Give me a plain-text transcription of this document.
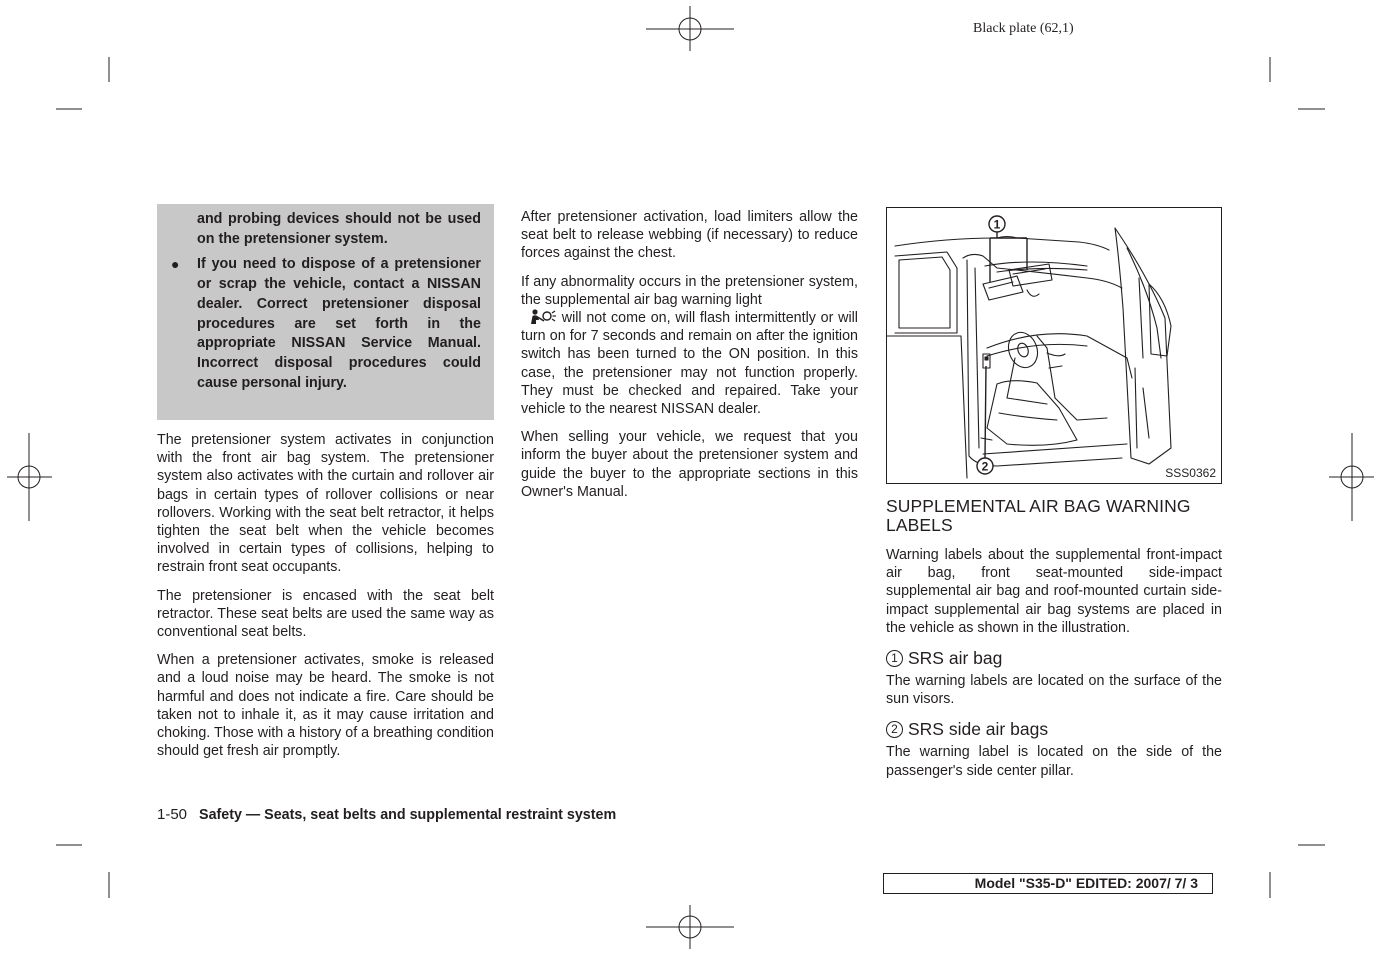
Black plate (62,1)
and probing devices should not be used on the pretensioner system.
●	If you need to dispose of a pretensioner or scrap the vehicle, contact a NISSAN dealer. Correct pretensioner disposal procedures are set forth in the appropriate NISSAN Service Manual. Incorrect disposal procedures could cause personal injury.

The pretensioner system activates in conjunction with the front air bag system. The pretensioner system also activates with the curtain and rollover air bags in certain types of rollover collisions or near rollovers. Working with the seat belt retractor, it helps tighten the seat belt when the vehicle becomes involved in certain types of collisions, helping to restrain front seat occupants.

The pretensioner is encased with the seat belt retractor. These seat belts are used the same way as conventional seat belts.

When a pretensioner activates, smoke is released and a loud noise may be heard. The smoke is not harmful and does not indicate a fire. Care should be taken not to inhale it, as it may cause irritation and choking. Those with a history of a breathing condition should get fresh air promptly.

After pretensioner activation, load limiters allow the seat belt to release webbing (if necessary) to reduce forces against the chest.

If any abnormality occurs in the pretensioner system, the supplemental air bag warning light
will not come on, will flash intermittently or will turn on for 7 seconds and remain on after the ignition switch has been turned to the ON position. In this case, the pretensioner may not function properly. They must be checked and repaired. Take your vehicle to the nearest NISSAN dealer.

When selling your vehicle, we request that you inform the buyer about the pretensioner system and guide the buyer to the appropriate sections in this Owner's Manual.

1
2	SSS0362
SUPPLEMENTAL AIR BAG WARNING LABELS

Warning labels about the supplemental front-impact air bag, front seat-mounted side-impact supplemental air bag and roof-mounted curtain side-impact supplemental air bag systems are placed in the vehicle as shown in the illustration.

1 SRS air bag

The warning labels are located on the surface of the sun visors.

2 SRS side air bags

The warning label is located on the side of the passenger's side center pillar.

1-50 Safety — Seats, seat belts and supplemental restraint system
Model "S35-D" EDITED: 2007/ 7/ 3
